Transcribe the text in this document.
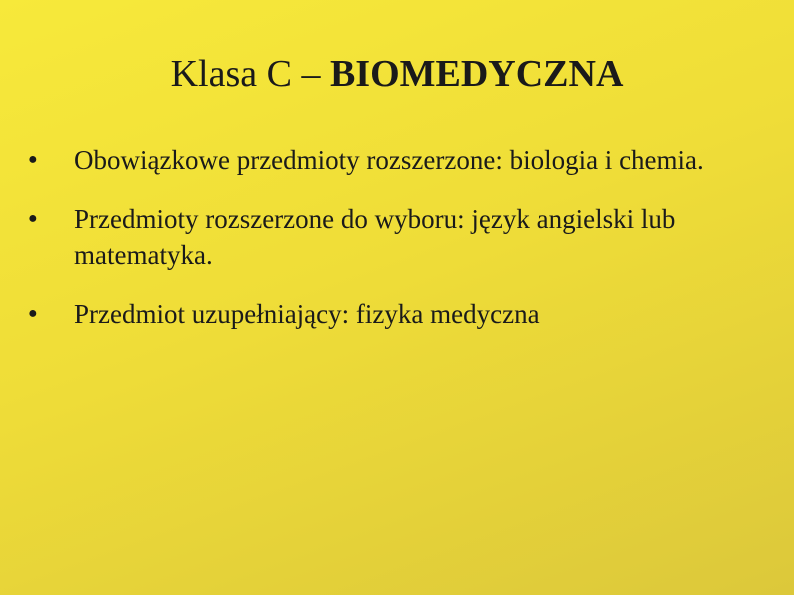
Klasa C – BIOMEDYCZNA
● Obowiązkowe przedmioty rozszerzone: biologia i chemia.
● Przedmioty rozszerzone do wyboru: język angielski lub matematyka.
● Przedmiot uzupełniający: fizyka medyczna
